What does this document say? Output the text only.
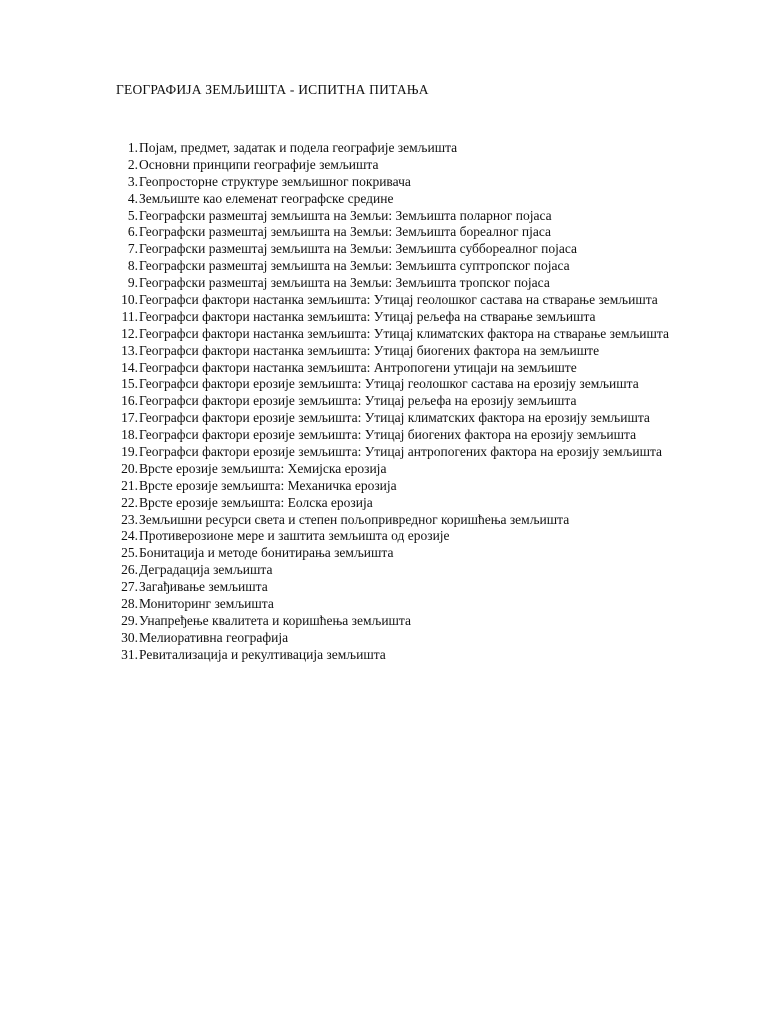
ГЕОГРАФИЈА ЗЕМЉИШТА - ИСПИТНА ПИТАЊА
1. Појам, предмет, задатак и подела географије земљишта
2. Основни принципи географије земљишта
3. Геопросторне структуре земљишног покривача
4. Земљиште као елеменат географске средине
5. Географски размештај земљишта на Земљи: Земљишта поларног појаса
6. Географски размештај земљишта на Земљи: Земљишта бореалног пјаса
7. Географски размештај земљишта на Земљи: Земљишта суббореалног појаса
8. Географски размештај земљишта на Земљи: Земљишта суптропског појаса
9. Географски размештај земљишта на Земљи: Земљишта тропског појаса
10. Географси фактори настанка земљишта: Утицај геолошког састава на стварање земљишта
11. Географси фактори настанка земљишта: Утицај рељефа на стварање земљишта
12. Географси фактори настанка земљишта: Утицај климатских фактора на стварање земљишта
13. Географси фактори настанка земљишта: Утицај биогених фактора на земљиште
14. Географси фактори настанка земљишта: Антропогени утицаји на земљиште
15. Географси фактори ерозије земљишта: Утицај геолошког састава на ерозију земљишта
16. Географси фактори ерозије земљишта: Утицај рељефа на ерозију земљишта
17. Географси фактори ерозије земљишта: Утицај климатских фактора на ерозију земљишта
18. Географси фактори ерозије земљишта: Утицај биогених фактора на ерозију земљишта
19. Географси фактори ерозије земљишта: Утицај антропогених фактора на ерозију земљишта
20. Врсте ерозије земљишта: Хемијска ерозија
21. Врсте ерозије земљишта: Механичка ерозија
22. Врсте ерозије земљишта: Еолска ерозија
23. Земљишни ресурси света и степен пољопривредног коришћења земљишта
24. Противерозионе мере и заштита земљишта од ерозије
25. Бонитација и методе бонитирања земљишта
26. Деградација земљишта
27. Загађивање земљишта
28. Мониторинг земљишта
29. Унапређење квалитета и коришћења земљишта
30. Мелиоративна географија
31. Ревитализација и рекултивација земљишта
